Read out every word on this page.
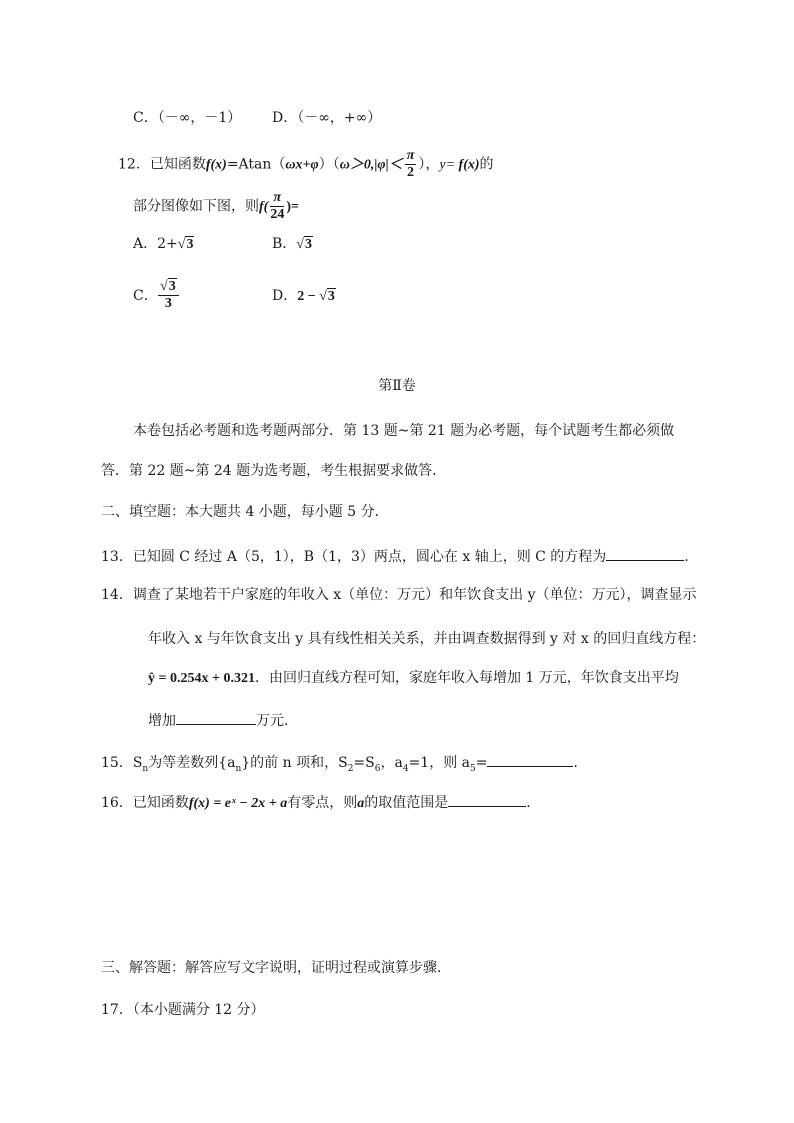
C．（－∞，－1） D．（－∞，+∞）
12．已知函数$f(x)=Atan(\omega x+\varphi)(\omega>0,|\varphi|< \frac{\pi}{2}$ ），y= f(x)的
部分图像如下图，则$f( \frac{\pi}{24}$ )=
A．2+√3	B．√3
C． $\frac{√3}{3}$	D．2 − √3
第Ⅱ卷
本卷包括必考题和选考题两部分．第 13 题~第 21 题为必考题，每个试题考生都必须做
答．第 22 题~第 24 题为选考题，考生根据要求做答．
二、填空题：本大题共 4 小题，每小题 5 分．
13．已知圆 C 经过 A（5，1），B（1，3）两点，圆心在 x 轴上，则 C 的方程为	．
14．调查了某地若干户家庭的年收入 x（单位：万元）和年饮食支出 y（单位：万元），调查显示
年收入 x 与年饮食支出 y 具有线性相关关系，并由调查数据得到 y 对 x 的回归直线方程：
ŷ = 0.254x + 0.321．由回归直线方程可知，家庭年收入每增加 1 万元，年饮食支出平均
增加	万元．
15．$S_n$为等差数列$\{a_n\}$的前 n 项和，$S_2=S_6$，$a_4=1$，则 $a_5=$	．
16．已知函数f(x) = eˣ − 2x + a有零点，则a的取值范围是	．
三、解答题：解答应写文字说明，证明过程或演算步骤．
17．（本小题满分 12 分）
